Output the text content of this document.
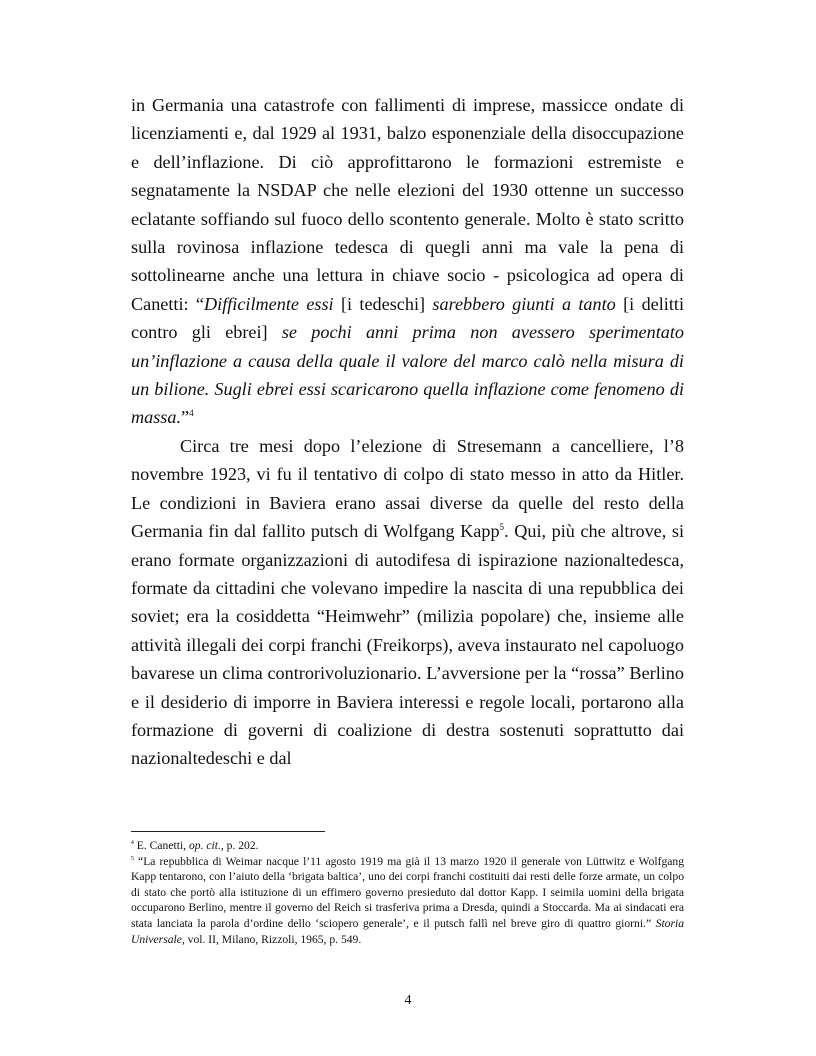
in Germania una catastrofe con fallimenti di imprese, massicce ondate di licenziamenti e, dal 1929 al 1931, balzo esponenziale della disoccupazione e dell’inflazione. Di ciò approfittarono le formazioni estremiste e segnatamente la NSDAP che nelle elezioni del 1930 ottenne un successo eclatante soffiando sul fuoco dello scontento generale. Molto è stato scritto sulla rovinosa inflazione tedesca di quegli anni ma vale la pena di sottolinearne anche una lettura in chiave socio - psicologica ad opera di Canetti: “Difficilmente essi [i tedeschi] sarebbero giunti a tanto [i delitti contro gli ebrei] se pochi anni prima non avessero sperimentato un’inflazione a causa della quale il valore del marco calò nella misura di un bilione. Sugli ebrei essi scaricarono quella inflazione come fenomeno di massa.”$^4$

Circa tre mesi dopo l’elezione di Stresemann a cancelliere, l’8 novembre 1923, vi fu il tentativo di colpo di stato messo in atto da Hitler. Le condizioni in Baviera erano assai diverse da quelle del resto della Germania fin dal fallito putsch di Wolfgang Kapp$^5$. Qui, più che altrove, si erano formate organizzazioni di autodifesa di ispirazione nazionaltedesca, formate da cittadini che volevano impedire la nascita di una repubblica dei soviet; era la cosiddetta “Heimwehr” (milizia popolare) che, insieme alle attività illegali dei corpi franchi (Freikorps), aveva instaurato nel capoluogo bavarese un clima controrivoluzionario. L’avversione per la “rossa” Berlino e il desiderio di imporre in Baviera interessi e regole locali, portarono alla formazione di governi di coalizione di destra sostenuti soprattutto dai nazionaltedeschi e dal

$^4$ E. Canetti, op. cit., p. 202.

$^5$ “La repubblica di Weimar nacque l’11 agosto 1919 ma già il 13 marzo 1920 il generale von Lüttwitz e Wolfgang Kapp tentarono, con l’aiuto della ‘brigata baltica’, uno dei corpi franchi costituiti dai resti delle forze armate, un colpo di stato che portò alla istituzione di un effimero governo presieduto dal dottor Kapp. I seimila uomini della brigata occuparono Berlino, mentre il governo del Reich si trasferiva prima a Dresda, quindi a Stoccarda. Ma ai sindacati era stata lanciata la parola d’ordine dello ‘sciopero generale’, e il putsch fallì nel breve giro di quattro giorni.” Storia Universale, vol. II, Milano, Rizzoli, 1965, p. 549.

4
